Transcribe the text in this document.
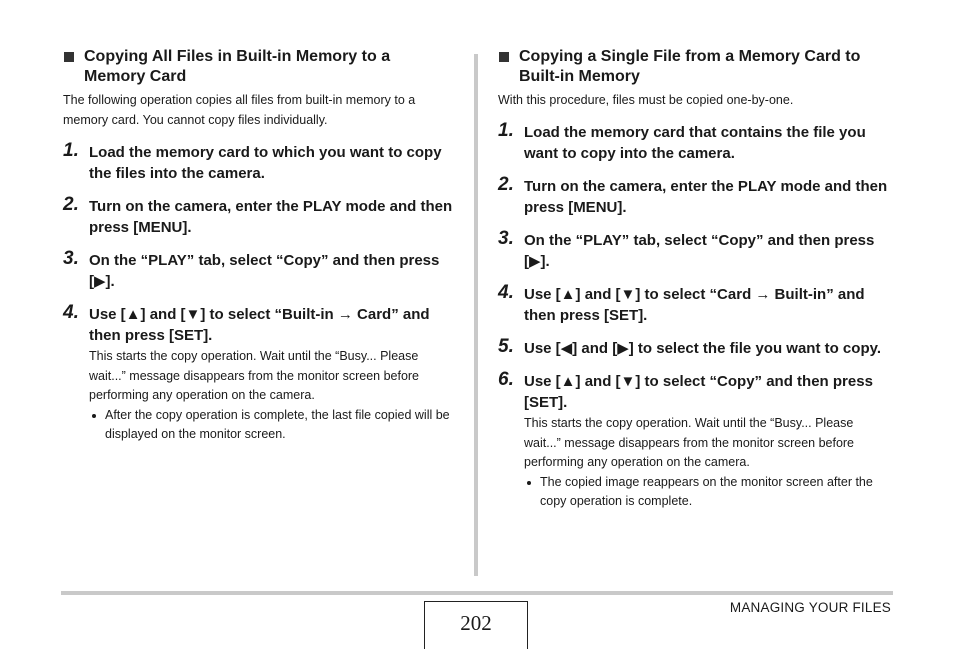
Copying All Files in Built-in Memory to a Memory Card

The following operation copies all files from built-in memory to a memory card. You cannot copy files individually.

1. Load the memory card to which you want to copy the files into the camera.
2. Turn on the camera, enter the PLAY mode and then press [MENU].
3. On the “PLAY” tab, select “Copy” and then press [▶].
4. Use [▲] and [▼] to select “Built-in → Card” and then press [SET].
This starts the copy operation. Wait until the “Busy... Please wait...” message disappears from the monitor screen before performing any operation on the camera.
After the copy operation is complete, the last file copied will be displayed on the monitor screen.
Copying a Single File from a Memory Card to Built-in Memory

With this procedure, files must be copied one-by-one.

1. Load the memory card that contains the file you want to copy into the camera.
2. Turn on the camera, enter the PLAY mode and then press [MENU].
3. On the “PLAY” tab, select “Copy” and then press [▶].
4. Use [▲] and [▼] to select “Card → Built-in” and then press [SET].
5. Use [◀] and [▶] to select the file you want to copy.
6. Use [▲] and [▼] to select “Copy” and then press [SET].
This starts the copy operation. Wait until the “Busy... Please wait...” message disappears from the monitor screen before performing any operation on the camera.
The copied image reappears on the monitor screen after the copy operation is complete.
202
MANAGING YOUR FILES
